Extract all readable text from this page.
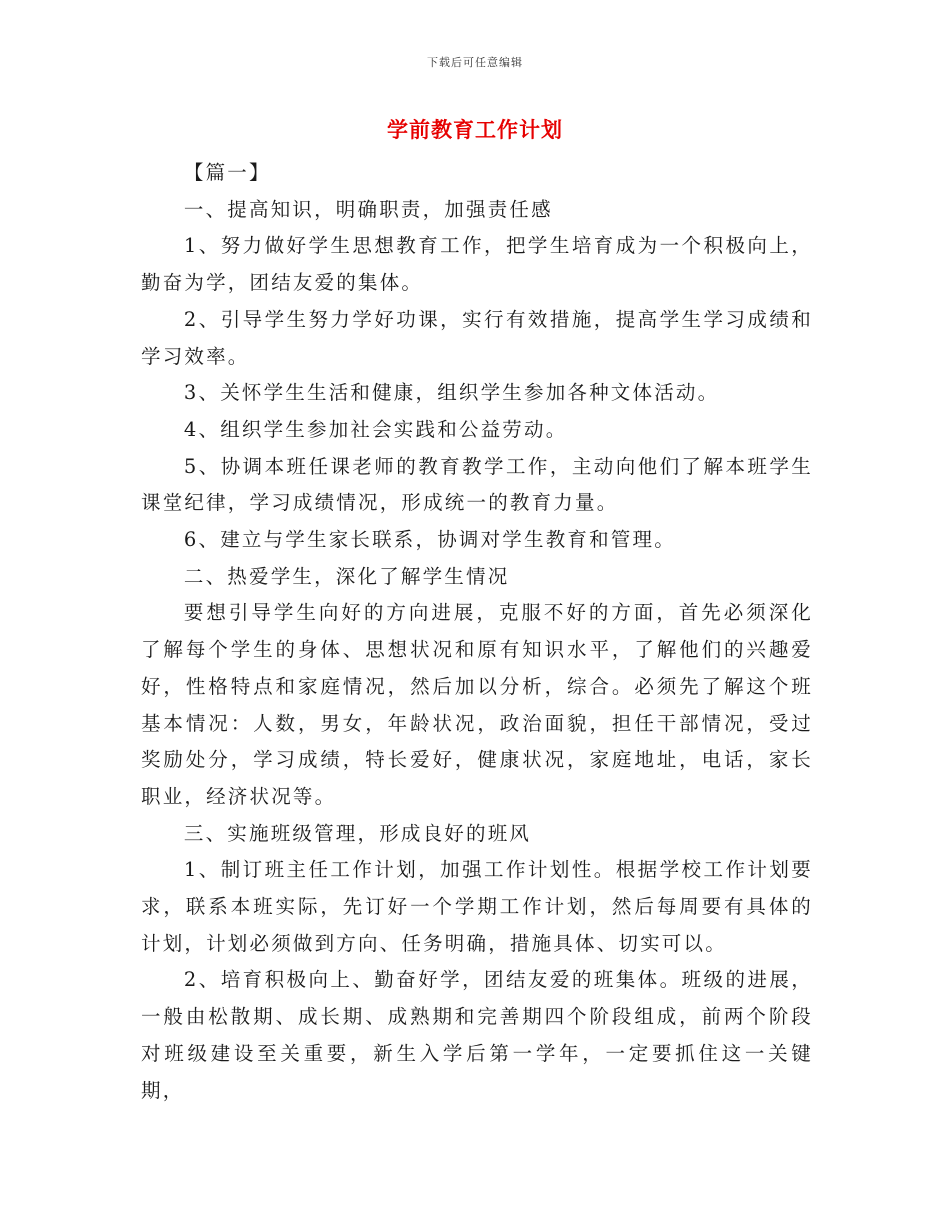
下载后可任意编辑
学前教育工作计划

【篇一】

一、提高知识，明确职责，加强责任感

1、努力做好学生思想教育工作，把学生培育成为一个积极向上，勤奋为学，团结友爱的集体。

2、引导学生努力学好功课，实行有效措施，提高学生学习成绩和学习效率。

3、关怀学生生活和健康，组织学生参加各种文体活动。

4、组织学生参加社会实践和公益劳动。

5、协调本班任课老师的教育教学工作，主动向他们了解本班学生课堂纪律，学习成绩情况，形成统一的教育力量。

6、建立与学生家长联系，协调对学生教育和管理。

二、热爱学生，深化了解学生情况

要想引导学生向好的方向进展，克服不好的方面，首先必须深化了解每个学生的身体、思想状况和原有知识水平，了解他们的兴趣爱好，性格特点和家庭情况，然后加以分析，综合。必须先了解这个班基本情况：人数，男女，年龄状况，政治面貌，担任干部情况，受过奖励处分，学习成绩，特长爱好，健康状况，家庭地址，电话，家长职业，经济状况等。

三、实施班级管理，形成良好的班风

1、制订班主任工作计划，加强工作计划性。根据学校工作计划要求，联系本班实际，先订好一个学期工作计划，然后每周要有具体的计划，计划必须做到方向、任务明确，措施具体、切实可以。

2、培育积极向上、勤奋好学，团结友爱的班集体。班级的进展，一般由松散期、成长期、成熟期和完善期四个阶段组成，前两个阶段对班级建设至关重要，新生入学后第一学年，一定要抓住这一关键期，
